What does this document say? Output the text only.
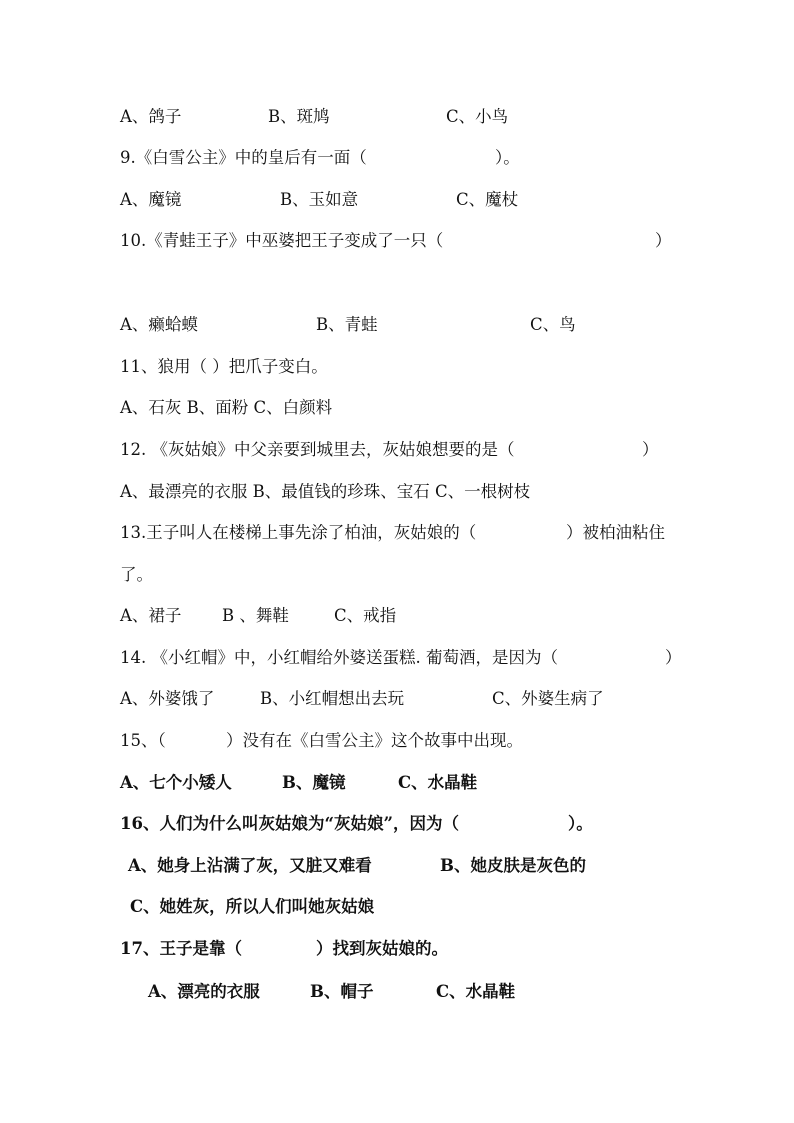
A、鸽子	B、斑鸠	C、小鸟
9.《白雪公主》中的皇后有一面（	）。
A、魔镜	B、玉如意	C、魔杖
10.《青蛙王子》中巫婆把王子变成了一只（	）
A、癞蛤蟆	B、青蛙	C、鸟
11、狼用（ ）把爪子变白。
A、石灰 B、面粉 C、白颜料
12. 《灰姑娘》中父亲要到城里去，灰姑娘想要的是（	）
A、最漂亮的衣服 B、最值钱的珍珠、宝石 C、一根树枝
13.王子叫人在楼梯上事先涂了柏油，灰姑娘的（	）被柏油粘住
了。
A、裙子 B 、舞鞋	C、戒指
14. 《小红帽》中，小红帽给外婆送蛋糕. 葡萄酒，是因为（	）
A、外婆饿了	B、小红帽想出去玩	C、外婆生病了
15、（	）没有在《白雪公主》这个故事中出现。
A、七个小矮人	B、魔镜	C、水晶鞋
16、人们为什么叫灰姑娘为“灰姑娘”，因为（	）。
A、她身上沾满了灰，又脏又难看	B、她皮肤是灰色的
C、她姓灰，所以人们叫她灰姑娘
17、王子是靠（	）找到灰姑娘的。
A、漂亮的衣服	B、帽子	C、水晶鞋
